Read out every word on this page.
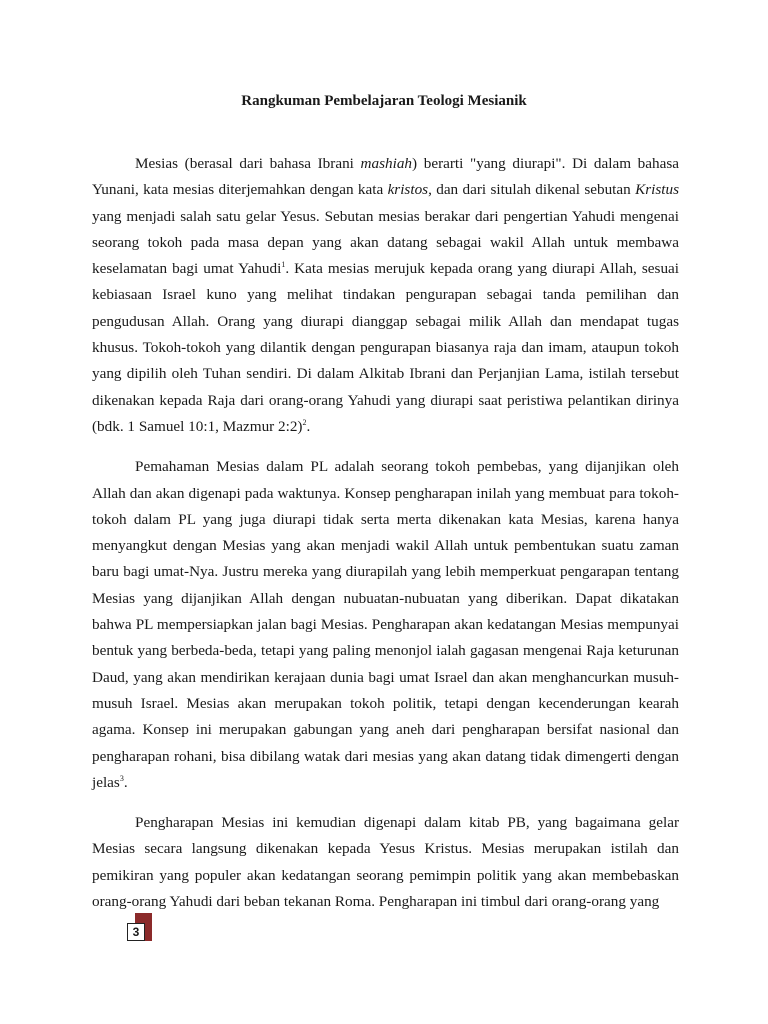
Rangkuman Pembelajaran Teologi Mesianik

Mesias (berasal dari bahasa Ibrani mashiah) berarti "yang diurapi". Di dalam bahasa Yunani, kata mesias diterjemahkan dengan kata kristos, dan dari situlah dikenal sebutan Kristus yang menjadi salah satu gelar Yesus. Sebutan mesias berakar dari pengertian Yahudi mengenai seorang tokoh pada masa depan yang akan datang sebagai wakil Allah untuk membawa keselamatan bagi umat Yahudi$^1$. Kata mesias merujuk kepada orang yang diurapi Allah, sesuai kebiasaan Israel kuno yang melihat tindakan pengurapan sebagai tanda pemilihan dan pengudusan Allah. Orang yang diurapi dianggap sebagai milik Allah dan mendapat tugas khusus. Tokoh-tokoh yang dilantik dengan pengurapan biasanya raja dan imam, ataupun tokoh yang dipilih oleh Tuhan sendiri. Di dalam Alkitab Ibrani dan Perjanjian Lama, istilah tersebut dikenakan kepada Raja dari orang-orang Yahudi yang diurapi saat peristiwa pelantikan dirinya (bdk. 1 Samuel 10:1, Mazmur 2:2)$^2$.

Pemahaman Mesias dalam PL adalah seorang tokoh pembebas, yang dijanjikan oleh Allah dan akan digenapi pada waktunya. Konsep pengharapan inilah yang membuat para tokoh-tokoh dalam PL yang juga diurapi tidak serta merta dikenakan kata Mesias, karena hanya menyangkut dengan Mesias yang akan menjadi wakil Allah untuk pembentukan suatu zaman baru bagi umat-Nya. Justru mereka yang diurapilah yang lebih memperkuat pengarapan tentang Mesias yang dijanjikan Allah dengan nubuatan-nubuatan yang diberikan. Dapat dikatakan bahwa PL mempersiapkan jalan bagi Mesias. Pengharapan akan kedatangan Mesias mempunyai bentuk yang berbeda-beda, tetapi yang paling menonjol ialah gagasan mengenai Raja keturunan Daud, yang akan mendirikan kerajaan dunia bagi umat Israel dan akan menghancurkan musuh-musuh Israel. Mesias akan merupakan tokoh politik, tetapi dengan kecenderungan kearah agama. Konsep ini merupakan gabungan yang aneh dari pengharapan bersifat nasional dan pengharapan rohani, bisa dibilang watak dari mesias yang akan datang tidak dimengerti dengan jelas$^3$.

Pengharapan Mesias ini kemudian digenapi dalam kitab PB, yang bagaimana gelar Mesias secara langsung dikenakan kepada Yesus Kristus. Mesias merupakan istilah dan pemikiran yang populer akan kedatangan seorang pemimpin politik yang akan membebaskan orang-orang Yahudi dari beban tekanan Roma. Pengharapan ini timbul dari orang-orang yang

3
